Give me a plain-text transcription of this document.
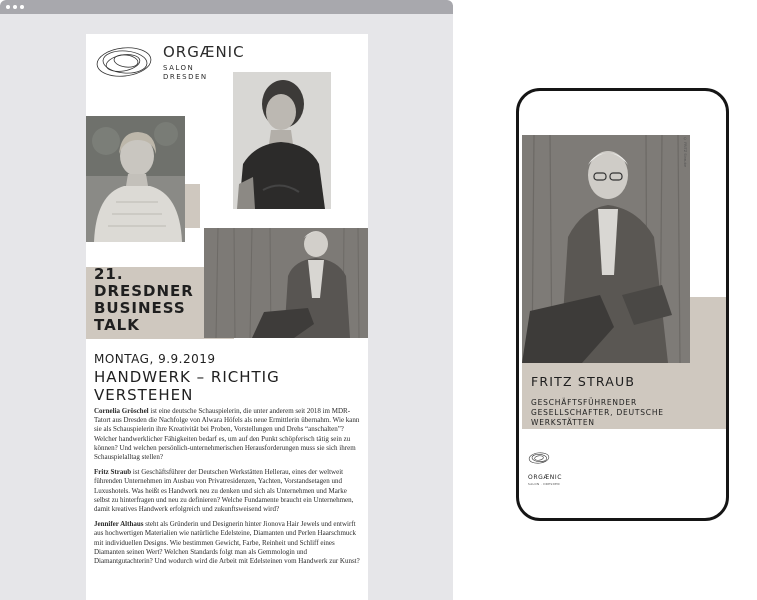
ORGÆNIC
SALON
DRESDEN
21. DRESDNER BUSINESS TALK
MONTAG, 9.9.2019
HANDWERK – RICHTIG VERSTEHEN

Cornelia Gröschel ist eine deutsche Schauspielerin, die unter anderem seit 2018 im MDR-Tatort aus Dresden die Nachfolge von Alwara Höfels als neue Ermittlerin übernahm. Wie kann sie als Schauspielerin ihre Kreativität bei Proben, Vorstellungen und Drehs “anschalten”? Welcher handwerklicher Fähigkeiten bedarf es, um auf den Punkt schöpferisch tätig sein zu können? Und welchen persönlich-unternehmerischen Herausforderungen muss sie sich ihrem Schauspielalltag stellen?

Fritz Straub ist Geschäftsführer der Deutschen Werkstätten Hellerau, eines der weltweit führenden Unternehmen im Ausbau von Privatresidenzen, Yachten, Vorstandsetagen und Luxushotels. Was heißt es Handwerk neu zu denken und sich als Unternehmen und Marke selbst zu hinterfragen und neu zu definieren? Welche Fundamente braucht ein Unternehmen, damit kreatives Handwerk erfolgreich und zukunftsweisend wird?

Jennifer Althaus steht als Gründerin und Designerin hinter Jionova Hair Jewels und entwirft aus hochwertigen Materialien wie natürliche Edelsteine, Diamanten und Perlen Haarschmuck mit individuellen Designs. Wie bestimmen Gewicht, Farbe, Reinheit und Schliff eines Diamanten seinen Wert? Welchen Standards folgt man als Gemmologin und Diamantgutachterin? Und wodurch wird die Arbeit mit Edelsteinen vom Handwerk zur Kunst?

© FRITZ Straube
FRITZ STRAUB
GESCHÄFTSFÜHRENDER GESELLSCHAFTER, DEUTSCHE WERKSTÄTTEN
ORGÆNIC
SALON · DRESDEN
